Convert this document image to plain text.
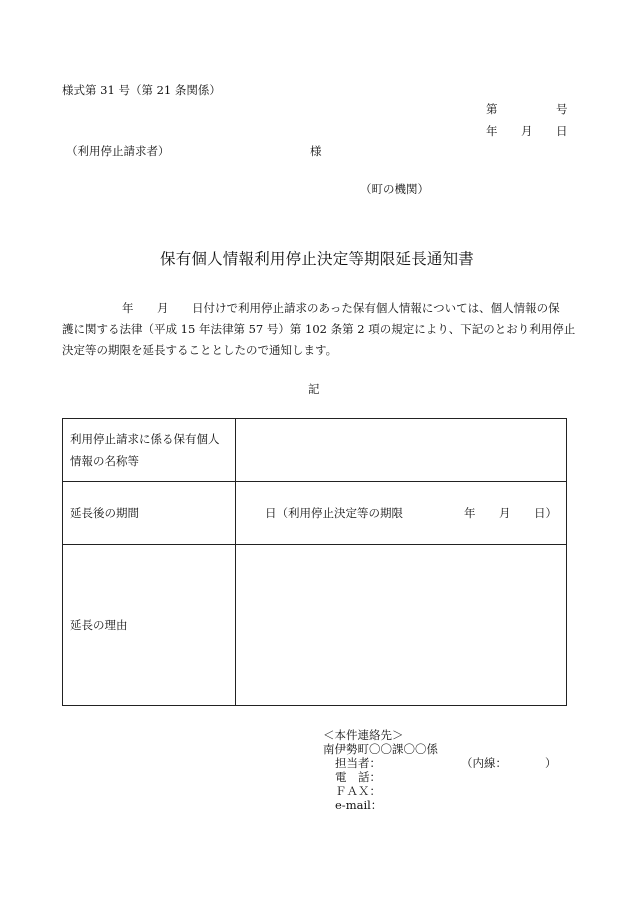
様式第 31 号（第 21 条関係）
第	号
年 月 日
（利用停止請求者）	様
（町の機関）
保有個人情報利用停止決定等期限延長通知書
年 月 日付けで利用停止請求のあった保有個人情報については、個人情報の保
護に関する法律（平成 15 年法律第 57 号）第 102 条第 2 項の規定により、下記のとおり利用停止
決定等の期限を延長することとしたので通知します。
記
利用停止請求に係る保有個人
情報の名称等	

延長後の期間	日（利用停止決定等の期限 年 月 日）

延長の理由	
＜本件連絡先＞
南伊勢町〇〇課〇〇係
担当者：	（内線：	）
電　話：
ＦＡＸ：
e-mail：
